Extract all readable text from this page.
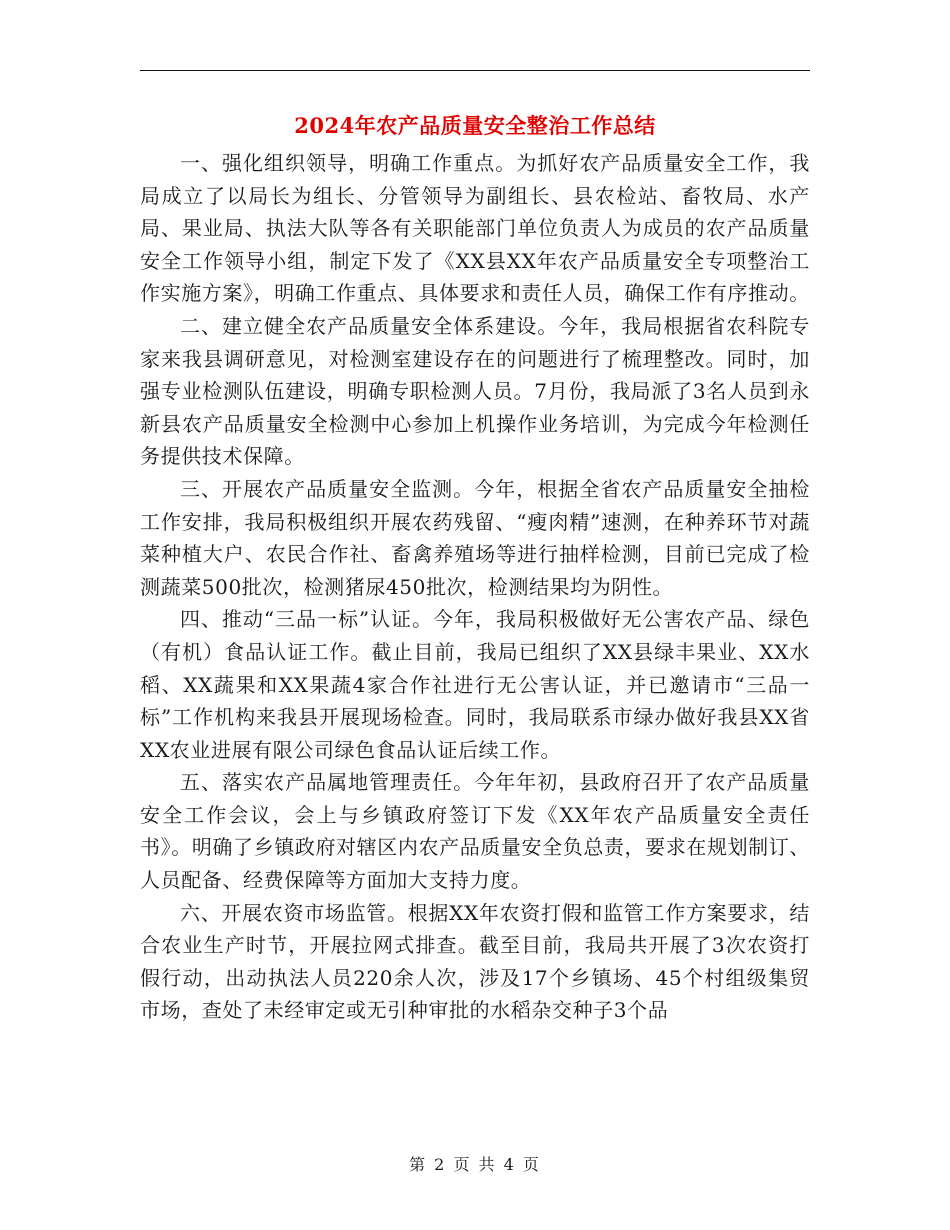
2024年农产品质量安全整治工作总结

一、强化组织领导，明确工作重点。为抓好农产品质量安全工作，我局成立了以局长为组长、分管领导为副组长、县农检站、畜牧局、水产局、果业局、执法大队等各有关职能部门单位负责人为成员的农产品质量安全工作领导小组，制定下发了《XX县XX年农产品质量安全专项整治工作实施方案》，明确工作重点、具体要求和责任人员，确保工作有序推动。

二、建立健全农产品质量安全体系建设。今年，我局根据省农科院专家来我县调研意见，对检测室建设存在的问题进行了梳理整改。同时，加强专业检测队伍建设，明确专职检测人员。7月份，我局派了3名人员到永新县农产品质量安全检测中心参加上机操作业务培训，为完成今年检测任务提供技术保障。

三、开展农产品质量安全监测。今年，根据全省农产品质量安全抽检工作安排，我局积极组织开展农药残留、“瘦肉精”速测，在种养环节对蔬菜种植大户、农民合作社、畜禽养殖场等进行抽样检测，目前已完成了检测蔬菜500批次，检测猪尿450批次，检测结果均为阴性。

四、推动“三品一标”认证。今年，我局积极做好无公害农产品、绿色（有机）食品认证工作。截止目前，我局已组织了XX县绿丰果业、XX水稻、XX蔬果和XX果蔬4家合作社进行无公害认证，并已邀请市“三品一标”工作机构来我县开展现场检查。同时，我局联系市绿办做好我县XX省XX农业进展有限公司绿色食品认证后续工作。

五、落实农产品属地管理责任。今年年初，县政府召开了农产品质量安全工作会议，会上与乡镇政府签订下发《XX年农产品质量安全责任书》。明确了乡镇政府对辖区内农产品质量安全负总责，要求在规划制订、人员配备、经费保障等方面加大支持力度。

六、开展农资市场监管。根据XX年农资打假和监管工作方案要求，结合农业生产时节，开展拉网式排查。截至目前，我局共开展了3次农资打假行动，出动执法人员220余人次，涉及17个乡镇场、45个村组级集贸市场，查处了未经审定或无引种审批的水稻杂交种子3个品

第 2 页 共 4 页
